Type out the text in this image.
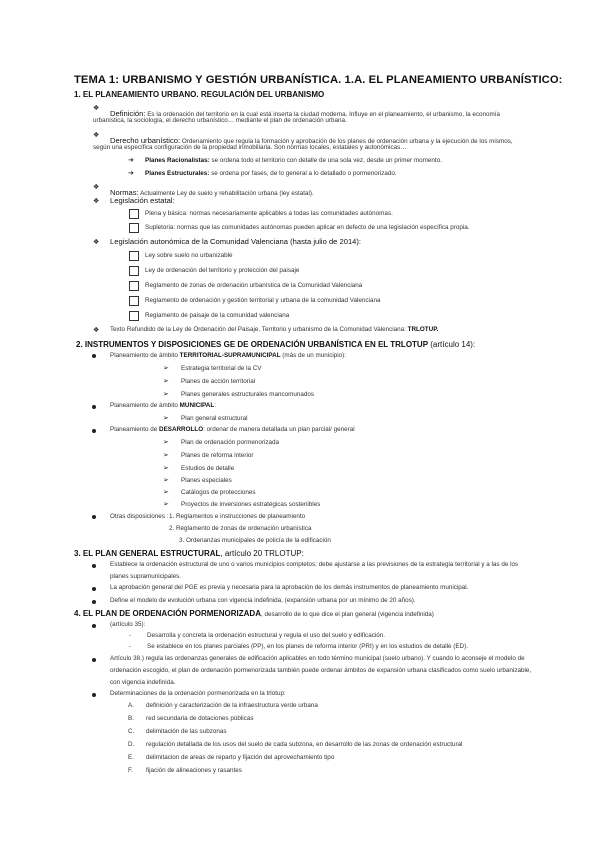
TEMA 1: URBANISMO Y GESTIÓN URBANÍSTICA. 1.A. EL PLANEAMIENTO URBANÍSTICO:
1. EL PLANEAMIENTO URBANO. REGULACIÓN DEL URBANISMO
❖
Definición: Es la ordenación del territorio en la cual está inserta la ciudad moderna. Influye en el planeamiento, el urbanismo, la economía
urbanística, la sociología, el derecho urbanístico… mediante el plan de ordenación urbana.
❖
Derecho urbanístico: Ordenamiento que regula la formación y aprobación de los planes de ordenación urbana y la ejecución de los mismos,
según una específica configuración de la propiedad inmobiliaria. Son normas locales, estatales y autonómicas…
➔ Planes Racionalistas: se ordena todo el territorio con detalle de una sola vez, desde un primer momento.
➔ Planes Estructurales: se ordena por fases, de lo general a lo detallado o pormenorizado.
❖
Normas: Actualmente Ley de suelo y rehabilitación urbana (ley estatal).
❖ Legislación estatal:
Plena y básica: normas necesariamente aplicables a todas las comunidades autónomas.
Supletoria: normas que las comunidades autónomas pueden aplicar en defecto de una legislación específica propia.
❖ Legislación autonómica de la Comunidad Valenciana (hasta julio de 2014):
Ley sobre suelo no urbanizable
Ley de ordenación del territorio y protección del paisaje
Reglamento de zonas de ordenación urbanística de la Comunidad Valenciana
Reglamento de ordenación y gestión territorial y urbana de la comunidad Valenciana
Reglamento de paisaje de la comunidad valenciana
❖ Texto Refundido de la Ley de Ordenación del Paisaje, Territorio y urbanismo de la Comunidad Valenciana: TRLOTUP.
2. INSTRUMENTOS Y DISPOSICIONES GE DE ORDENACIÓN URBANÍSTICA EN EL TRLOTUP (artículo 14):
Planeamiento de ámbito TERRITORIAL-SUPRAMUNICIPAL (más de un municipio):
➢ Estrategia territorial de la CV
➢ Planes de acción territorial
➢ Planes generales estructurales mancomunados
Planeamiento de ámbito MUNICIPAL:
➢ Plan general estructural
Planeamiento de DESARROLLO: ordenar de manera detallada un plan parcial/ general
➢ Plan de ordenación pormenorizada
➢ Planes de reforma interior
➢ Estudios de detalle
➢ Planes especiales
➢ Catálogos de protecciones
➢ Proyectos de inversiones estratégicas sostenibles
Otras disposiciones : 1. Reglamentos e instrucciones de planeamiento
2. Reglamento de zonas de ordenación urbanística
3. Ordenanzas municipales de policía de la edificación
3. EL PLAN GENERAL ESTRUCTURAL, artículo 20 TRLOTUP:
Establece la ordenación estructural de uno o varios municipios completos; debe ajustarse a las previsiones de la estrategia territorial y a las de los
planes supramunicipales.
La aprobación general del PGE es previa y necesaria para la aprobación de los demás instrumentos de planeamiento municipal.
Define el modelo de evolución urbana con vigencia indefinida, (expansión urbana por un mínimo de 20 años).
4. EL PLAN DE ORDENACIÓN PORMENORIZADA, desarrollo de lo que dice el plan general (vigencia indefinida)
(artículo 35):
-	Desarrolla y concreta la ordenación estructural y regula el uso del suelo y edificación.
-	Se establece en los planes parciales (PP), en los planes de reforma interior (PRI) y en los estudios de detalle (ED).
Artículo 38.) regula las ordenanzas generales de edificación aplicables en todo término municipal (suelo urbano). Y cuando lo aconseje el modelo de
ordenación escogido, el plan de ordenación pormenorizada también puede ordenar ámbitos de expansión urbana clasificados como suelo urbanizable,
con vigencia indefinida.
Determinaciones de la ordenación pormenorizada en la trlotup:
A. definición y caracterización de la infraestructura verde urbana
B. red secundaria de dotaciones públicas
C. delimitación de las subzonas
D. regulación detallada de los usos del suelo de cada subzona, en desarrollo de las zonas de ordenación estructural
E. delimitacion de areas de reparto y fijación del aprovechamiento tipo
F. fijación de alineaciones y rasantes
